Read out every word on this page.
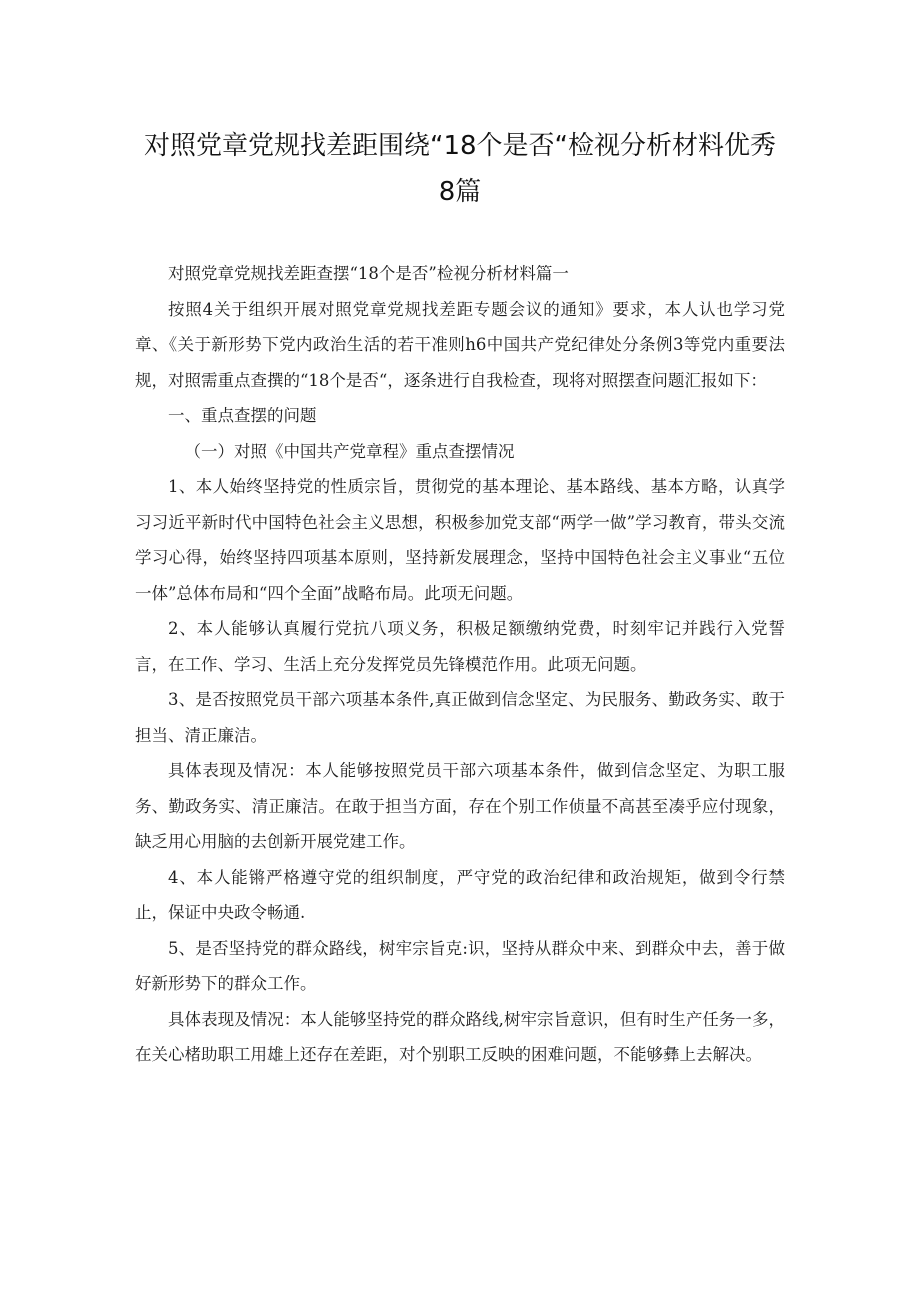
对照党章党规找差距围绕“18个是否“检视分析材料优秀
8篇

对照党章党规找差距查摆“18个是否”检视分析材料篇一

按照4关于组织开展对照党章党规找差距专题会议的通知》要求，本人认也学习党章、《关于新形势下党内政治生活的若干准则h6中国共产党纪律处分条例3等党内重要法规，对照需重点查撰的“18个是否“，逐条进行自我检查，现将对照摆查问题汇报如下：

一、重点查摆的问题

（一）对照《中国共产党章程》重点查摆情况

1、本人始终坚持党的性质宗旨，贯彻党的基本理论、基本路线、基本方略，认真学习习近平新时代中国特色社会主义思想，积极参加党支部“两学一做”学习教育，带头交流学习心得，始终坚持四项基本原则，坚持新发展理念，坚持中国特色社会主义事业“五位一体”总体布局和“四个全面”战略布局。此项无问题。

2、本人能够认真履行党抗八项义务，积极足额缴纳党费，时刻牢记并践行入党誓言，在工作、学习、生活上充分发挥党员先锋模范作用。此项无问题。

3、是否按照党员干部六项基本条件,真正做到信念坚定、为民服务、勤政务实、敢于担当、清正廉洁。

具体表现及情况：本人能够按照党员干部六项基本条件，做到信念坚定、为职工服务、勤政务实、清正廉洁。在敢于担当方面，存在个别工作侦量不高甚至凑乎应付现象，缺乏用心用脑的去创新开展党建工作。

4、本人能锵严格遵守党的组织制度，严守党的政治纪律和政治规矩，做到令行禁止，保证中央政令畅通.

5、是否坚持党的群众路线，树牢宗旨克:识，坚持从群众中来、到群众中去，善于做好新形势下的群众工作。

具体表现及情况：本人能够坚持党的群众路线,树牢宗旨意识，但有时生产任务一多，在关心楮助职工用雄上还存在差距，对个别职工反映的困难问题，不能够彝上去解决。
